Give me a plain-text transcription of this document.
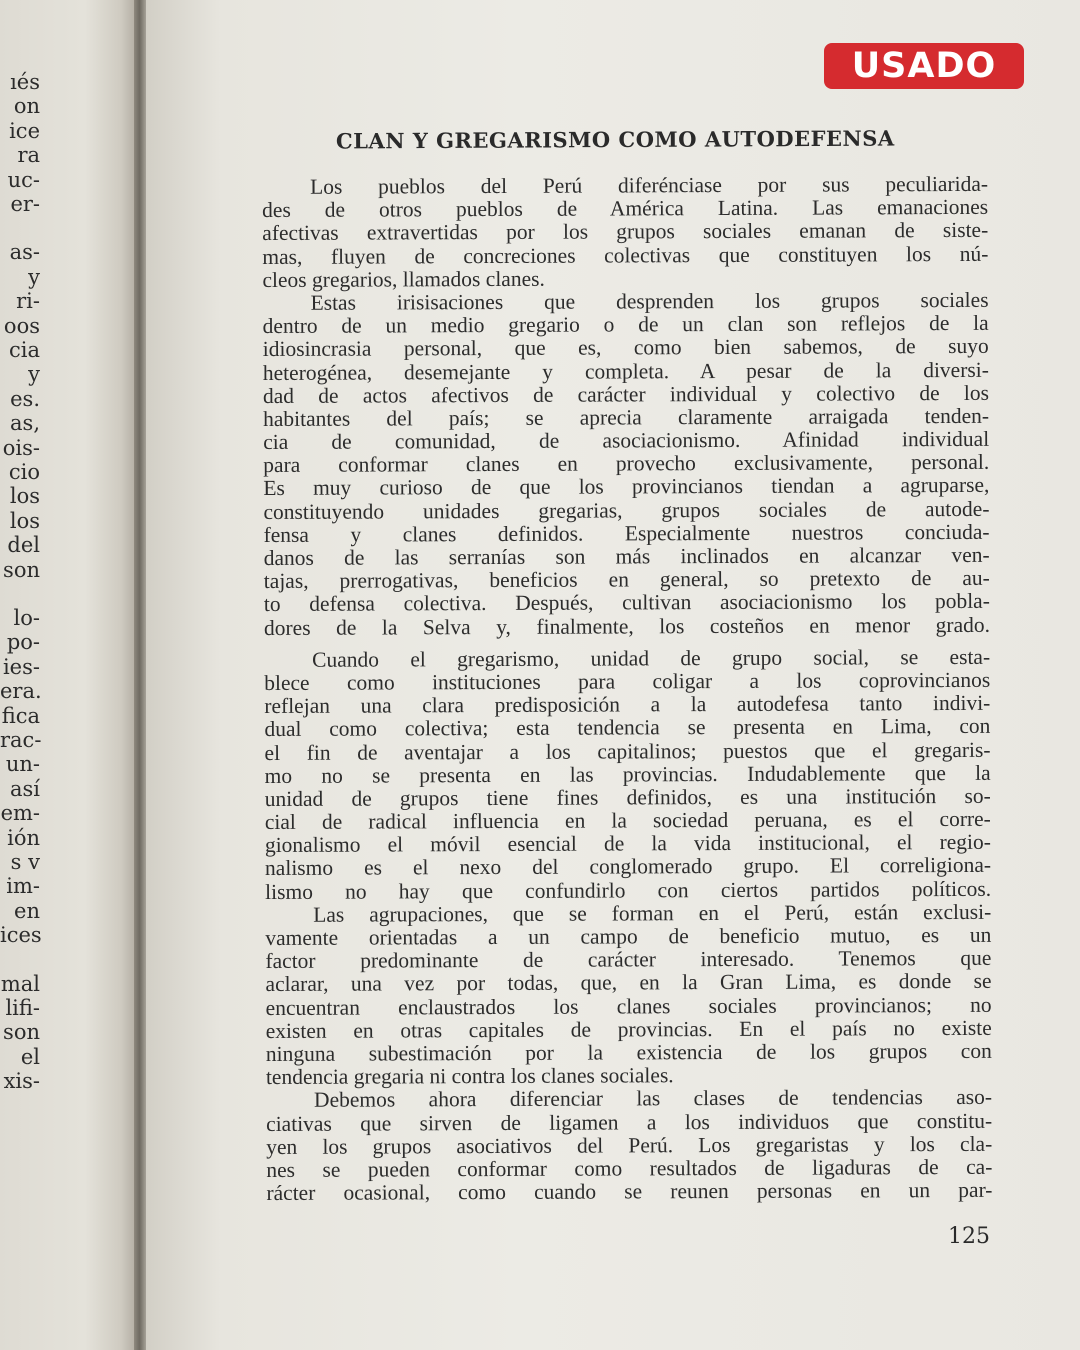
ıés
on
ice
ra
uc-
er-
as-
y
ri-
oos
cia
y
es.
as,
ois-
cio
los
los
del
son
lo-
po-
ies-
era.
fica
rac-
un-
así
em-
ión
s v
im-
en
ices
mal
lifi-
son
el
xis-
USADO
CLAN Y GREGARISMO COMO AUTODEFENSA
Los pueblos del Perú diferénciase por sus peculiarida-
des de otros pueblos de América Latina. Las emanaciones
afectivas extravertidas por los grupos sociales emanan de siste-
mas, fluyen de concreciones colectivas que constituyen los nú-
cleos gregarios, llamados clanes.
Estas irisisaciones que desprenden los grupos sociales
dentro de un medio gregario o de un clan son reflejos de la
idiosincrasia personal, que es, como bien sabemos, de suyo
heterogénea, desemejante y completa. A pesar de la diversi-
dad de actos afectivos de carácter individual y colectivo de los
habitantes del país; se aprecia claramente arraigada tenden-
cia de comunidad, de asociacionismo. Afinidad individual
para conformar clanes en provecho exclusivamente, personal.
Es muy curioso de que los provincianos tiendan a agruparse,
constituyendo unidades gregarias, grupos sociales de autode-
fensa y clanes definidos. Especialmente nuestros conciuda-
danos de las serranías son más inclinados en alcanzar ven-
tajas, prerrogativas, beneficios en general, so pretexto de au-
to defensa colectiva. Después, cultivan asociacionismo los pobla-
dores de la Selva y, finalmente, los costeños en menor grado.
Cuando el gregarismo, unidad de grupo social, se esta-
blece como instituciones para coligar a los coprovincianos
reflejan una clara predisposición a la autodefesa tanto indivi-
dual como colectiva; esta tendencia se presenta en Lima, con
el fin de aventajar a los capitalinos; puestos que el gregaris-
mo no se presenta en las provincias. Indudablemente que la
unidad de grupos tiene fines definidos, es una institución so-
cial de radical influencia en la sociedad peruana, es el corre-
gionalismo el móvil esencial de la vida institucional, el regio-
nalismo es el nexo del conglomerado grupo. El correligiona-
lismo no hay que confundirlo con ciertos partidos políticos.
Las agrupaciones, que se forman en el Perú, están exclusi-
vamente orientadas a un campo de beneficio mutuo, es un
factor predominante de carácter interesado. Tenemos que
aclarar, una vez por todas, que, en la Gran Lima, es donde se
encuentran enclaustrados los clanes sociales provincianos; no
existen en otras capitales de provincias. En el país no existe
ninguna subestimación por la existencia de los grupos con
tendencia gregaria ni contra los clanes sociales.
Debemos ahora diferenciar las clases de tendencias aso-
ciativas que sirven de ligamen a los individuos que constitu-
yen los grupos asociativos del Perú. Los gregaristas y los cla-
nes se pueden conformar como resultados de ligaduras de ca-
rácter ocasional, como cuando se reunen personas en un par-
125
